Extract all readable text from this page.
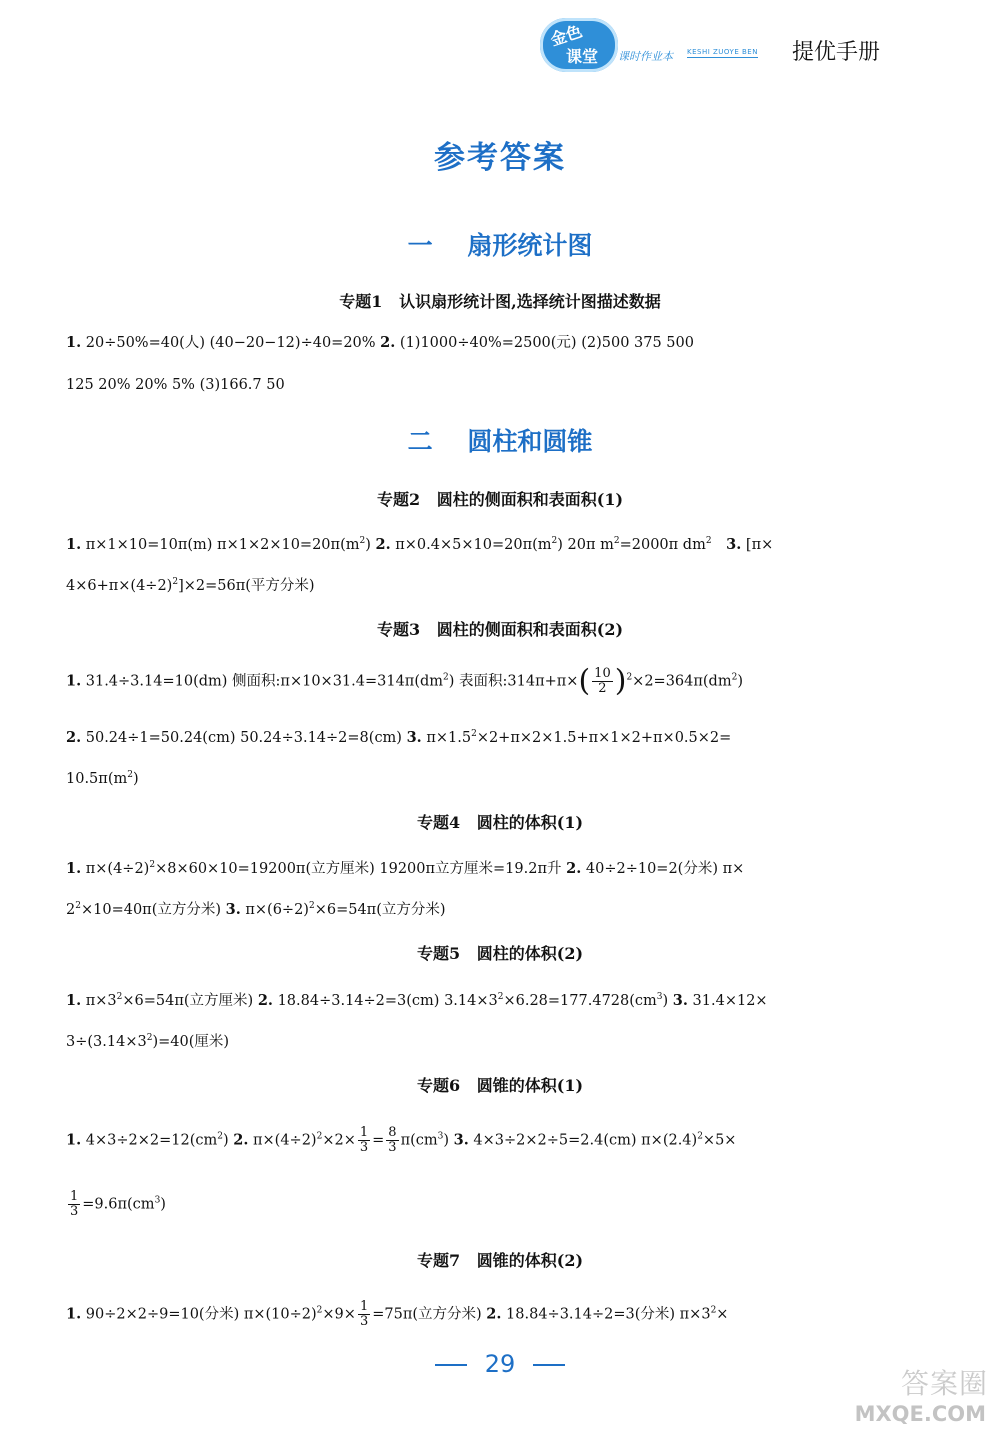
金色
课堂 课时作业本 KESHI ZUOYE BEN 提优手册
参考答案
一    扇形统计图
专题1   认识扇形统计图,选择统计图描述数据
1. 20÷50%=40(人) (40−20−12)÷40=20% 2. (1)1000÷40%=2500(元) (2)500 375 500
125 20% 20% 5% (3)166.7 50
二    圆柱和圆锥
专题2   圆柱的侧面积和表面积(1)
1. π×1×10=10π(m) $\pi\times 1\times 2\times 10=20\pi(m^2)$ 2. $\pi\times 0.4\times 5\times 10=20\pi(m^2)$ 20π $m^2=2000\pi$ $dm^2$ 3. [π×
$4\times 6+\pi\times(4\div 2)^2]\times 2=56\pi$(平方分米)
专题3   圆柱的侧面积和表面积(2)
1. 31.4÷3.14=10(dm) 侧面积$:\pi\times 10\times 31.4=314\pi(dm^2)$ 表面积:314π+π×( $\frac{10}{2} )^2\times 2=364\pi(dm^2)$
2. 50.24÷1=50.24(cm) 50.24÷3.14÷2=8(cm) 3. $\pi\times 1.5^2\times 2+\pi\times 2\times 1.5+\pi\times 1\times 2+\pi\times 0.5\times 2=$
$10.5\pi(m^2)$
专题4   圆柱的体积(1)
1. $\pi\times(4\div 2)^2\times 8\times 60\times 10=19200\pi$(立方厘米) 19200π立方厘米=19.2π升 2. 40÷2÷10=2(分米) π×
$2^2\times 10=40\pi$(立方分米) 3. $\pi\times(6\div 2)^2\times 6=54\pi$(立方分米)
专题5   圆柱的体积(2)
1. $\pi\times 3^2\times 6=54\pi$(立方厘米) 2. 18.84÷3.14÷2=3(cm) $3.14\times 3^2\times 6.28=177.4728(cm^3)$ 3. 31.4×12×
$3\div(3.14\times 3^2)=40$(厘米)
专题6   圆锥的体积(1)
1. $4\times 3\div 2\times 2=12(cm^2)$ 2. $\pi\times(4\div 2)^2\times 2\times \frac{1}{3} = \frac{8}{3} \pi(cm^3)$ 3. 4×3÷2×2÷5=2.4(cm) $\pi\times(2.4)^2\times 5\times$
$\frac{1}{3} =9.6\pi(cm^3)$
专题7   圆锥的体积(2)
1. 90÷2×2÷9=10(分米) $\pi\times(10\div 2)^2\times 9\times \frac{1}{3} =75\pi$(立方分米) 2. 18.84÷3.14÷2=3(分米) $\pi\times 3^2\times$
29
答案圈
MXQE.COM
